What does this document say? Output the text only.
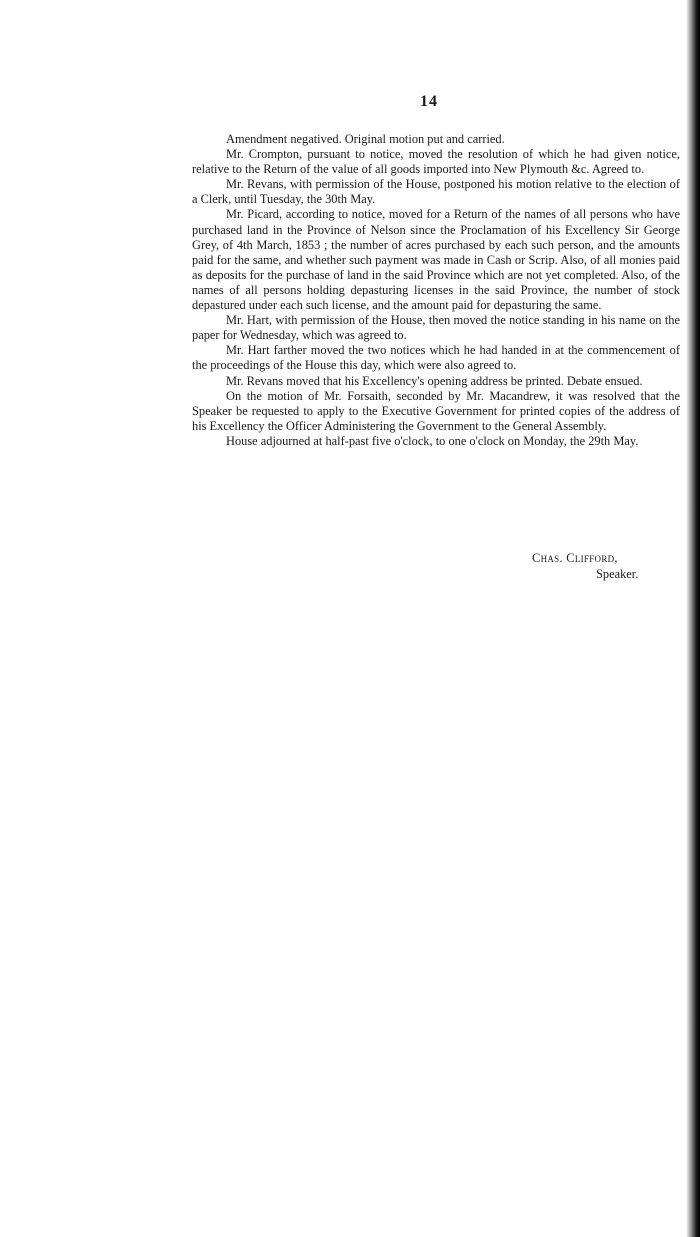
14

Amendment negatived. Original motion put and carried.

Mr. Crompton, pursuant to notice, moved the resolution of which he had given notice, relative to the Return of the value of all goods imported into New Plymouth &c. Agreed to.

Mr. Revans, with permission of the House, postponed his motion relative to the election of a Clerk, until Tuesday, the 30th May.

Mr. Picard, according to notice, moved for a Return of the names of all persons who have purchased land in the Province of Nelson since the Proclamation of his Excellency Sir George Grey, of 4th March, 1853 ; the number of acres purchased by each such person, and the amounts paid for the same, and whether such payment was made in Cash or Scrip. Also, of all monies paid as deposits for the purchase of land in the said Province which are not yet completed. Also, of the names of all persons holding depasturing licenses in the said Province, the number of stock depastured under each such license, and the amount paid for depasturing the same.

Mr. Hart, with permission of the House, then moved the notice standing in his name on the paper for Wednesday, which was agreed to.

Mr. Hart farther moved the two notices which he had handed in at the commencement of the proceedings of the House this day, which were also agreed to.

Mr. Revans moved that his Excellency's opening address be printed. Debate ensued.

On the motion of Mr. Forsaith, seconded by Mr. Macandrew, it was resolved that the Speaker be requested to apply to the Executive Government for printed copies of the address of his Excellency the Officer Administering the Government to the General Assembly.

House adjourned at half-past five o'clock, to one o'clock on Monday, the 29th May.

Chas. Clifford,
Speaker.
